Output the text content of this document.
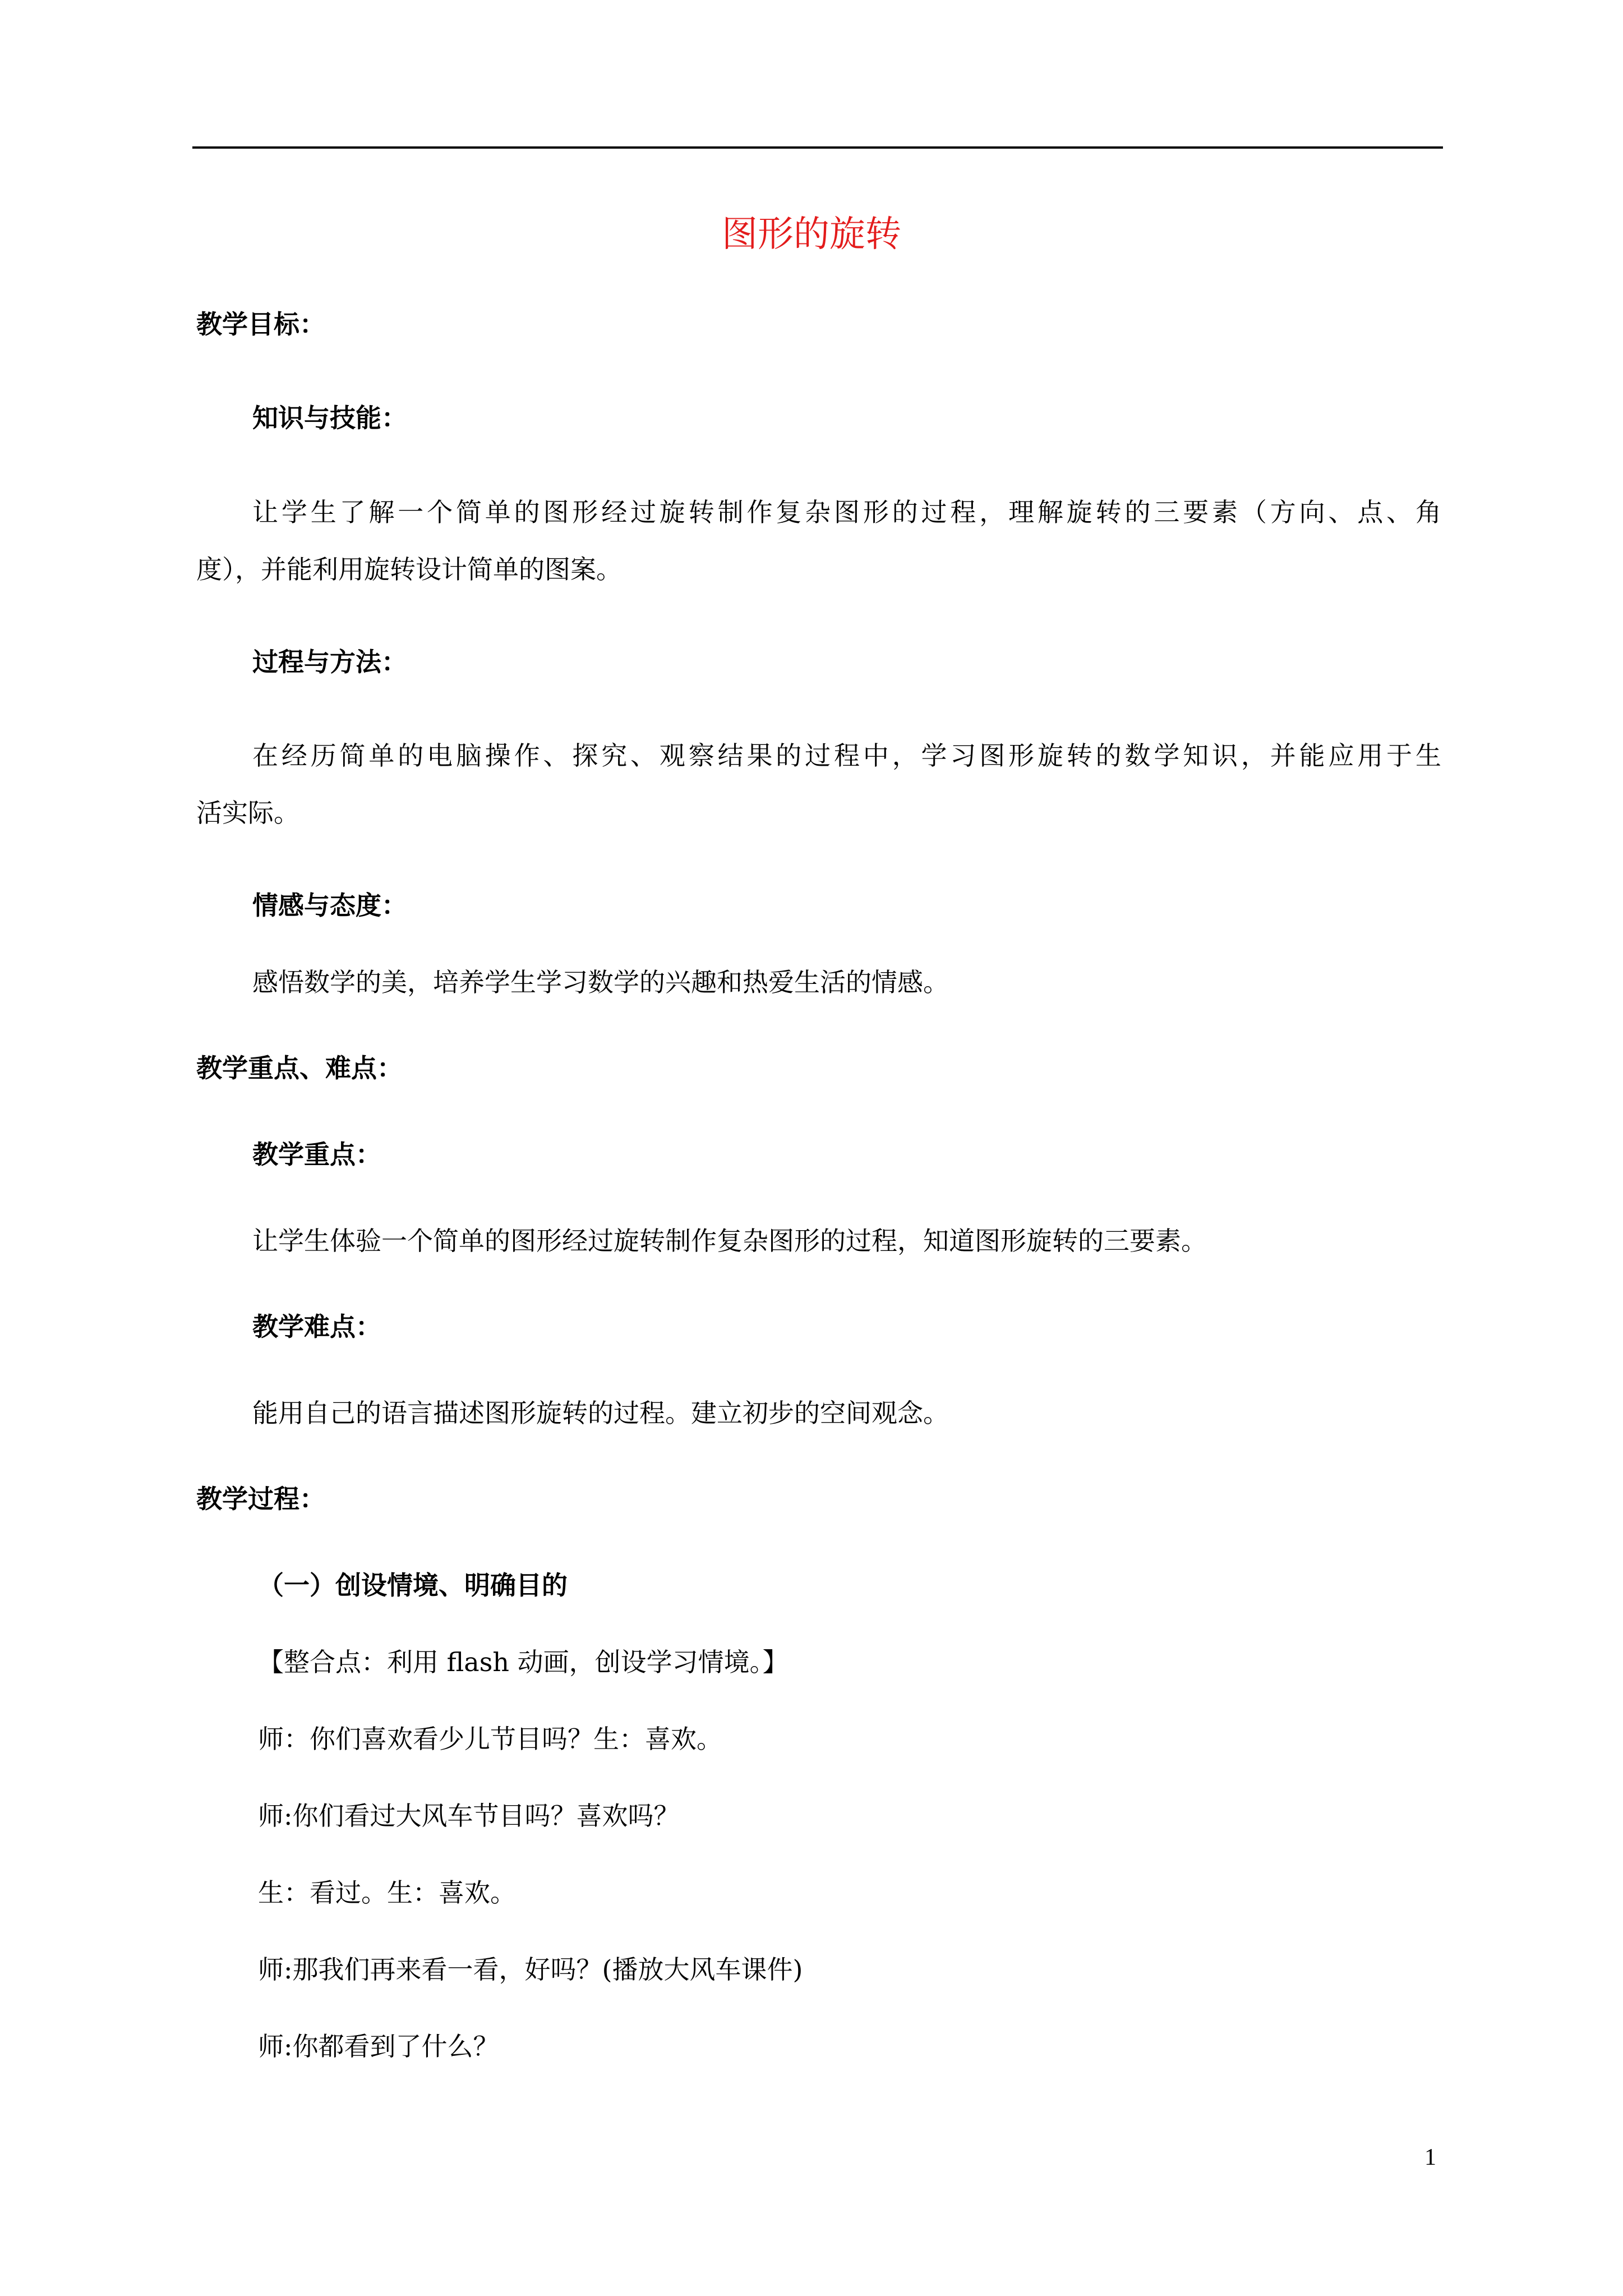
图形的旋转
教学目标：
知识与技能：
让学生了解一个简单的图形经过旋转制作复杂图形的过程，理解旋转的三要素（方向、点、角
度），并能利用旋转设计简单的图案。
过程与方法：
在经历简单的电脑操作、探究、观察结果的过程中，学习图形旋转的数学知识，并能应用于生
活实际。
情感与态度：
感悟数学的美，培养学生学习数学的兴趣和热爱生活的情感。
教学重点、难点：
教学重点：
让学生体验一个简单的图形经过旋转制作复杂图形的过程，知道图形旋转的三要素。
教学难点：
能用自己的语言描述图形旋转的过程。建立初步的空间观念。
教学过程：
（一）创设情境、明确目的
【整合点：利用 flash 动画，创设学习情境。】
师：你们喜欢看少儿节目吗？生：喜欢。
师:你们看过大风车节目吗？喜欢吗？
生：看过。生：喜欢。
师:那我们再来看一看，好吗？(播放大风车课件)
师:你都看到了什么？
1
